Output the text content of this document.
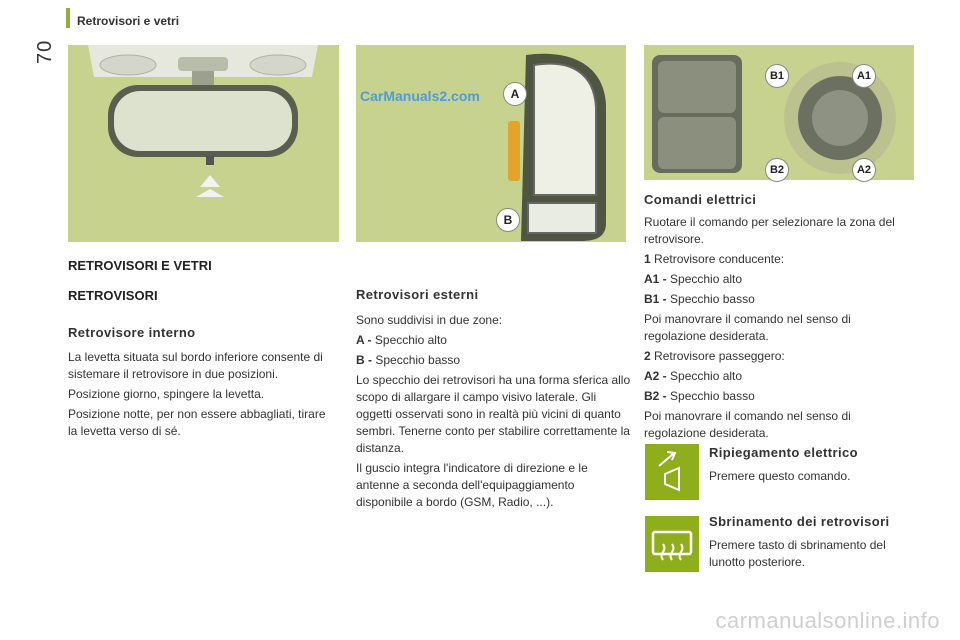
Retrovisori e vetri
70
CarManuals2.com	A
B
B1	A1
B2	A2
RETROVISORI E VETRI
RETROVISORI
Retrovisore interno

La levetta situata sul bordo inferiore consente di sistemare il retrovisore in due posizioni.

Posizione giorno, spingere la levetta.

Posizione notte, per non essere abbagliati, tirare la levetta verso di sé.

Retrovisori esterni

Sono suddivisi in due zone:

A - Specchio alto

B - Specchio basso

Lo specchio dei retrovisori ha una forma sferica allo scopo di allargare il campo visivo laterale. Gli oggetti osservati sono in realtà più vicini di quanto sembri. Tenerne conto per stabilire correttamente la distanza.

Il guscio integra l'indicatore di direzione e le antenne a seconda dell'equipaggiamento disponibile a bordo (GSM, Radio, ...).

Comandi elettrici

Ruotare il comando per selezionare la zona del retrovisore.

1 Retrovisore conducente:

A1 - Specchio alto

B1 - Specchio basso

Poi manovrare il comando nel senso di regolazione desiderata.

2 Retrovisore passeggero:

A2 - Specchio alto

B2 - Specchio basso

Poi manovrare il comando nel senso di regolazione desiderata.

Ripiegamento elettrico
Premere questo comando.
Sbrinamento dei retrovisori
Premere tasto di sbrinamento del lunotto posteriore.
carmanualsonline.info
